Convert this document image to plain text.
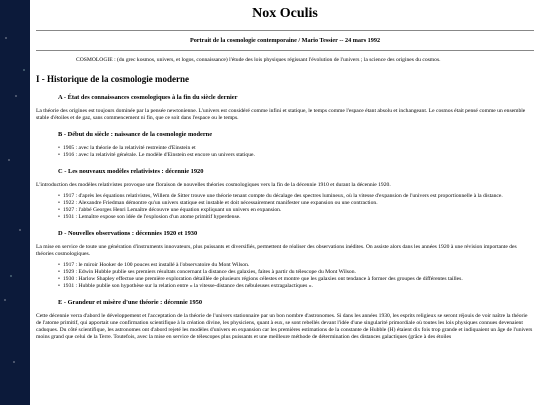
Nox Oculis
Portrait de la cosmologie contemporaine / Mario Tessier -- 24 mars 1992
COSMOLOGIE : (du grec kosmos, univers, et logos, connaissance) l'étude des lois physiques régissant l'évolution de l'univers ; la science des origines du cosmos.
I - Historique de la cosmologie moderne
A - État des connaissances cosmologiques à la fin du siècle dernier

La théorie des origines est toujours dominée par la pensée newtonienne. L'univers est considéré comme infini et statique, le temps comme l'espace étant absolu et inchangeant. Le cosmos était pensé comme un ensemble stable d'étoiles et de gaz, sans commencement ni fin, que ce soit dans l'espace ou le temps.

B - Début du siècle : naissance de la cosmologie moderne
• 1905 : avec la théorie de la relativité restreinte d'Einstein et
• 1916 : avec la relativité générale. Le modèle d'Einstein est encore un univers statique.
C - Les nouveaux modèles relativistes : décennie 1920

L'introduction des modèles relativistes provoque une floraison de nouvelles théories cosmologiques vers la fin de la décennie 1910 et durant la décennie 1920.

• 1917 : d'après les équations relativistes, Willem de Sitter trouve une théorie tenant compte du décalage des spectres lumineux, où la vitesse d'expansion de l'univers est proportionnelle à la distance.
• 1922 : Alexandre Friedman démontre qu'un univers statique est instable et doit nécessairement manifester une expansion ou une contraction.
• 1927 : l'abbé Georges Henri Lemaître découvre une équation expliquant un univers en expansion.
• 1931 : Lemaître expose son idée de l'explosion d'un atome primitif hyperdense.
D - Nouvelles observations : décennies 1920 et 1930

La mise en service de toute une génération d'instruments innovateurs, plus puissants et diversifiés, permettent de réaliser des observations inédites. On assiste alors dans les années 1920 à une révision importante des théories cosmologiques.

• 1917 : le miroir Hooker de 100 pouces est installé à l'observatoire du Mont Wilson.
• 1929 : Edwin Hubble publie ses premiers résultats concernant la distance des galaxies, faites à partir du télescope du Mont Wilson.
• 1930 : Harlow Shapley effectue une première exploration détaillée de plusieurs régions célestes et montre que les galaxies ont tendance à former des groupes de différentes tailles.
• 1931 : Hubble publie son hypothèse sur la relation entre « la vitesse-distance des nébuleuses extragalactiques ».
E - Grandeur et misère d'une théorie : décennie 1950

Cette décennie verra d'abord le développement et l'acceptation de la théorie de l'univers stationnaire par un bon nombre d'astronomes. Si dans les années 1930, les esprits religieux se seront réjouis de voir naître la théorie de l'atome primitif, qui apportait une confirmation scientifique à la création divine, les physiciens, quant à eux, se sont rebellés devant l'idée d'une singularité primordiale où toutes les lois physiques connues devenaient caduques. Du côté scientifique, les astronomes ont d'abord rejeté les modèles d'univers en expansion car les premières estimations de la constante de Hubble (H) étaient dix fois trop grande et indiquaient un âge de l'univers moins grand que celui de la Terre. Toutefois, avec la mise en service de télescopes plus puissants et une meilleure méthode de détermination des distances galactiques (grâce à des étoiles
